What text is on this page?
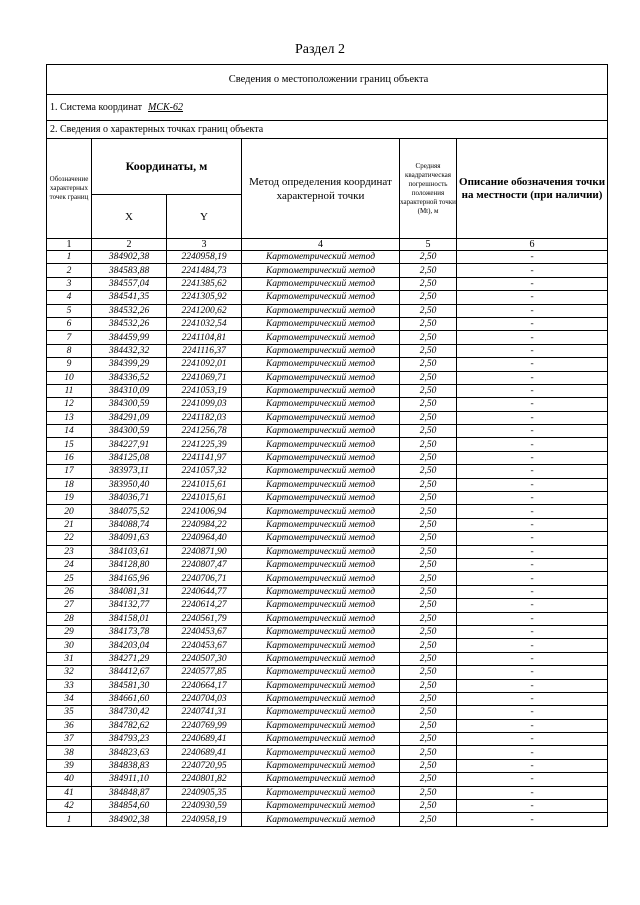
Раздел 2
Сведения о местоположении границ объекта					
1. Система координат МСК-62					
2. Сведения о характерных точках границ объекта					
Обозначение характерных точек границ	Координаты, м		Метод определения координат характерной точки	Средняя квадратическая погрешность положения характерной точки (Mt), м	Описание обозначения точки на местности (при наличии)
	X	Y			
1	2	3	4	5	6
1	384902,38	2240958,19	Картометрический метод	2,50	-
2	384583,88	2241484,73	Картометрический метод	2,50	-
3	384557,04	2241385,62	Картометрический метод	2,50	-
4	384541,35	2241305,92	Картометрический метод	2,50	-
5	384532,26	2241200,62	Картометрический метод	2,50	-
6	384532,26	2241032,54	Картометрический метод	2,50	-
7	384459,99	2241104,81	Картометрический метод	2,50	-
8	384432,32	2241116,37	Картометрический метод	2,50	-
9	384399,29	2241092,01	Картометрический метод	2,50	-
10	384336,52	2241069,71	Картометрический метод	2,50	-
11	384310,09	2241053,19	Картометрический метод	2,50	-
12	384300,59	2241099,03	Картометрический метод	2,50	-
13	384291,09	2241182,03	Картометрический метод	2,50	-
14	384300,59	2241256,78	Картометрический метод	2,50	-
15	384227,91	2241225,39	Картометрический метод	2,50	-
16	384125,08	2241141,97	Картометрический метод	2,50	-
17	383973,11	2241057,32	Картометрический метод	2,50	-
18	383950,40	2241015,61	Картометрический метод	2,50	-
19	384036,71	2241015,61	Картометрический метод	2,50	-
20	384075,52	2241006,94	Картометрический метод	2,50	-
21	384088,74	2240984,22	Картометрический метод	2,50	-
22	384091,63	2240964,40	Картометрический метод	2,50	-
23	384103,61	2240871,90	Картометрический метод	2,50	-
24	384128,80	2240807,47	Картометрический метод	2,50	-
25	384165,96	2240706,71	Картометрический метод	2,50	-
26	384081,31	2240644,77	Картометрический метод	2,50	-
27	384132,77	2240614,27	Картометрический метод	2,50	-
28	384158,01	2240561,79	Картометрический метод	2,50	-
29	384173,78	2240453,67	Картометрический метод	2,50	-
30	384203,04	2240453,67	Картометрический метод	2,50	-
31	384271,29	2240507,30	Картометрический метод	2,50	-
32	384412,67	2240577,85	Картометрический метод	2,50	-
33	384581,30	2240664,17	Картометрический метод	2,50	-
34	384661,60	2240704,03	Картометрический метод	2,50	-
35	384730,42	2240741,31	Картометрический метод	2,50	-
36	384782,62	2240769,99	Картометрический метод	2,50	-
37	384793,23	2240689,41	Картометрический метод	2,50	-
38	384823,63	2240689,41	Картометрический метод	2,50	-
39	384838,83	2240720,95	Картометрический метод	2,50	-
40	384911,10	2240801,82	Картометрический метод	2,50	-
41	384848,87	2240905,35	Картометрический метод	2,50	-
42	384854,60	2240930,59	Картометрический метод	2,50	-
1	384902,38	2240958,19	Картометрический метод	2,50	-
